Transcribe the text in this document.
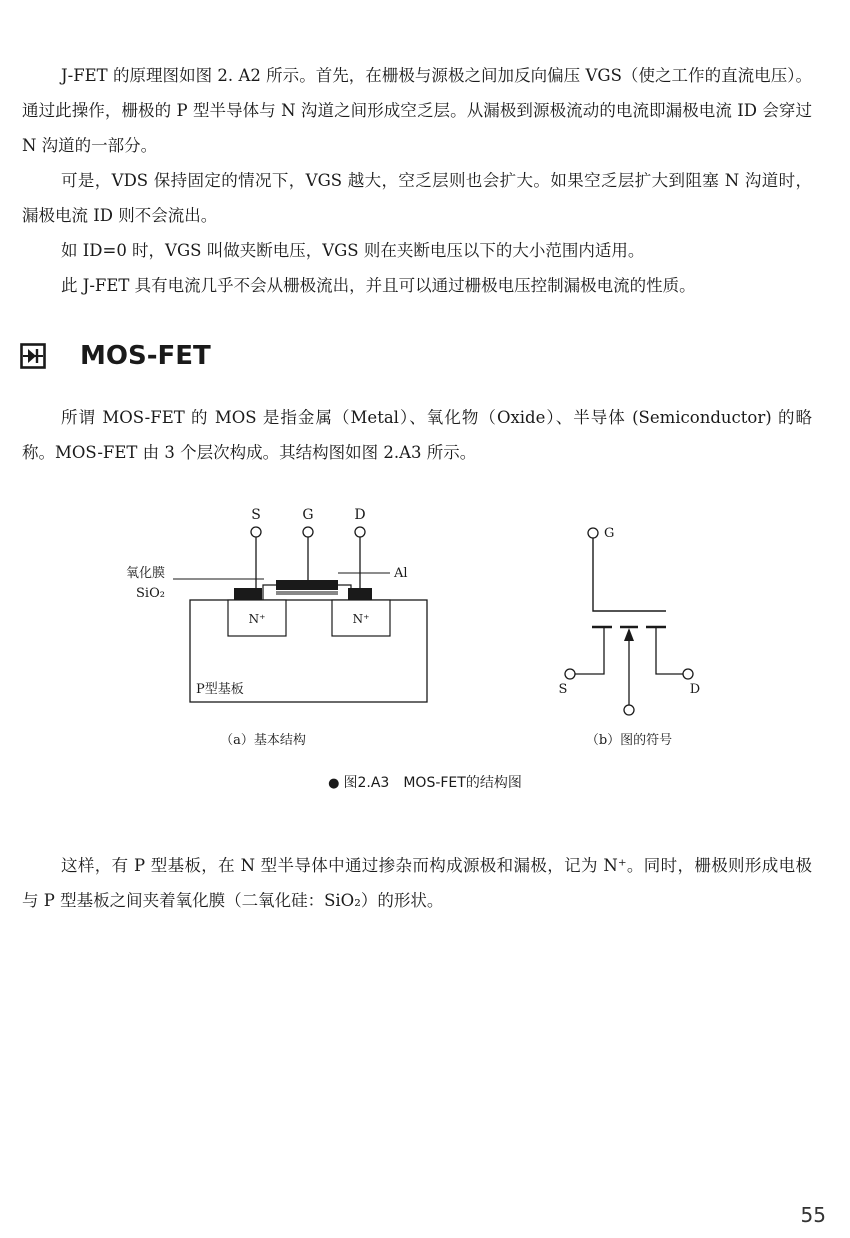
J-FET 的原理图如图 2. A2 所示。首先，在栅极与源极之间加反向偏压 VGS（使之工作的直流电压）。通过此操作，栅极的 P 型半导体与 N 沟道之间形成空乏层。从漏极到源极流动的电流即漏极电流 ID 会穿过 N 沟道的一部分。

可是，VDS 保持固定的情况下，VGS 越大，空乏层则也会扩大。如果空乏层扩大到阻塞 N 沟道时，漏极电流 ID 则不会流出。

如 ID=0 时，VGS 叫做夹断电压，VGS 则在夹断电压以下的大小范围内适用。

此 J-FET 具有电流几乎不会从栅极流出，并且可以通过栅极电压控制漏极电流的性质。

MOS-FET

所谓 MOS-FET 的 MOS 是指金属（Metal）、氧化物（Oxide）、半导体 (Semiconductor) 的略称。MOS-FET 由 3 个层次构成。其结构图如图 2.A3 所示。

S	G	D
N⁺	N⁺
P型基板
氧化膜
SiO₂
Al
（a）基本结构
G
S	D
（b）图的符号
● 图2.A3 MOS-FET的结构图

这样，有 P 型基板，在 N 型半导体中通过掺杂而构成源极和漏极，记为 N⁺。同时，栅极则形成电极与 P 型基板之间夹着氧化膜（二氧化硅：SiO₂）的形状。

55
